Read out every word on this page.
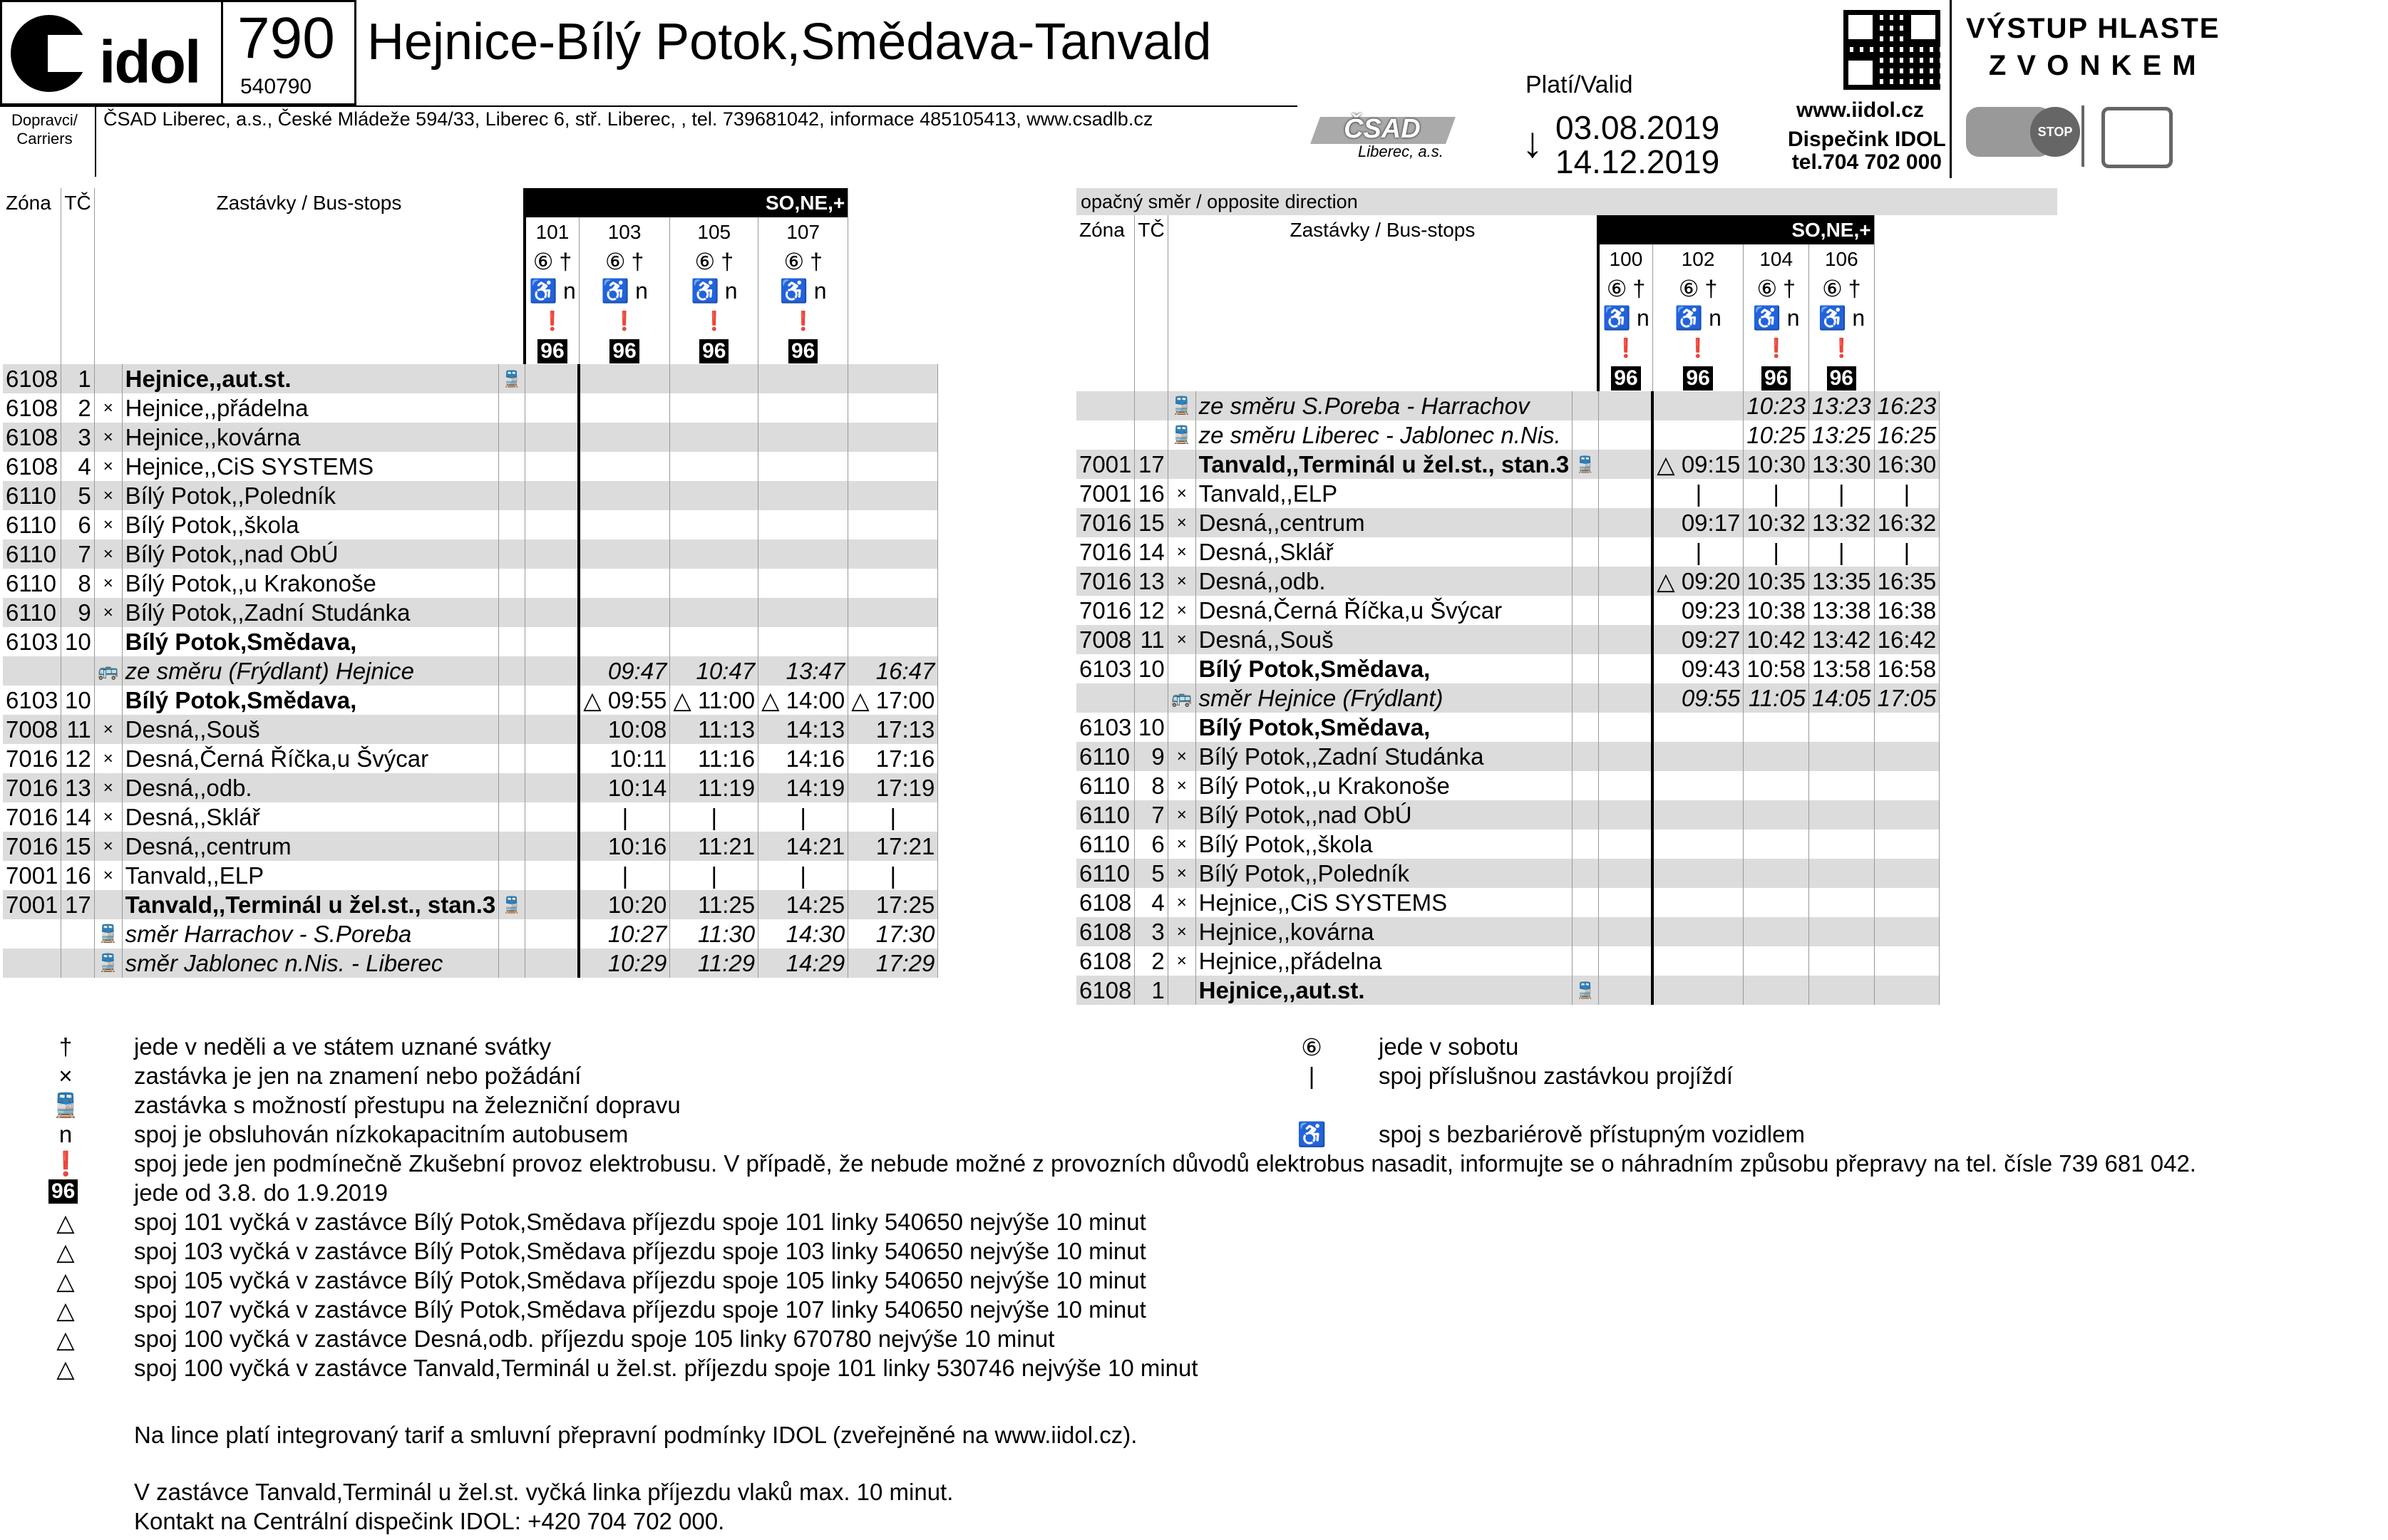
idol 790
540790
Hejnice-Bílý Potok,Smědava-Tanvald
Platí/Valid
↓ 03.08.2019
14.12.2019
Dopravci/
Carriers
ČSAD Liberec, a.s., České Mládeže 594/33, Liberec 6, stř. Liberec, , tel. 739681042, informace 485105413, www.csadlb.cz	ČSAD
Liberec, a.s.
www.iidol.cz
Dispečink IDOL
tel.704 702 000
VÝSTUP HLASTE
Z V O N K E M
STOP
opačný směr / opposite direction
Zóna	TČ	Zastávky / Bus-stops			SO,NE,+				
					101	103	105	107	
					⑥ †	⑥ †	⑥ †	⑥ †	
					♿ n	♿ n	♿ n	♿ n	
					❗	❗	❗	❗	
					96	96	96	96	
6108	1		Hejnice,,aut.st.	🚆					
6108	2	×	Hejnice,,přádelna						
6108	3	×	Hejnice,,kovárna						
6108	4	×	Hejnice,,CiS SYSTEMS						
6110	5	×	Bílý Potok,,Poledník						
6110	6	×	Bílý Potok,,škola						
6110	7	×	Bílý Potok,,nad ObÚ						
6110	8	×	Bílý Potok,,u Krakonoše						
6110	9	×	Bílý Potok,,Zadní Studánka						
6103	10		Bílý Potok,Smědava,						
		🚌	ze směru (Frýdlant) Hejnice			09:47	10:47	13:47	16:47
6103	10		Bílý Potok,Smědava,			△ 09:55	△ 11:00	△ 14:00	△ 17:00
7008	11	×	Desná,,Souš			10:08	11:13	14:13	17:13
7016	12	×	Desná,Černá Říčka,u Švýcar			10:11	11:16	14:16	17:16
7016	13	×	Desná,,odb.			10:14	11:19	14:19	17:19
7016	14	×	Desná,,Sklář			|	|	|	|
7016	15	×	Desná,,centrum			10:16	11:21	14:21	17:21
7001	16	×	Tanvald,,ELP			|	|	|	|
7001	17		Tanvald,,Terminál u žel.st., stan.3	🚆		10:20	11:25	14:25	17:25
		🚆	směr Harrachov - S.Poreba			10:27	11:30	14:30	17:30
		🚆	směr Jablonec n.Nis. - Liberec			10:29	11:29	14:29	17:29
Zóna	TČ	Zastávky / Bus-stops			SO,NE,+				
					100	102	104	106	
					⑥ †	⑥ †	⑥ †	⑥ †	
					♿ n	♿ n	♿ n	♿ n	
					❗	❗	❗	❗	
					96	96	96	96	
		🚆	ze směru S.Poreba - Harrachov				10:23	13:23	16:23
		🚆	ze směru Liberec - Jablonec n.Nis.				10:25	13:25	16:25
7001	17		Tanvald,,Terminál u žel.st., stan.3	🚆		△ 09:15	10:30	13:30	16:30
7001	16	×	Tanvald,,ELP			|	|	|	|
7016	15	×	Desná,,centrum			09:17	10:32	13:32	16:32
7016	14	×	Desná,,Sklář			|	|	|	|
7016	13	×	Desná,,odb.			△ 09:20	10:35	13:35	16:35
7016	12	×	Desná,Černá Říčka,u Švýcar			09:23	10:38	13:38	16:38
7008	11	×	Desná,,Souš			09:27	10:42	13:42	16:42
6103	10		Bílý Potok,Smědava,			09:43	10:58	13:58	16:58
		🚌	směr Hejnice (Frýdlant)			09:55	11:05	14:05	17:05
6103	10		Bílý Potok,Smědava,						
6110	9	×	Bílý Potok,,Zadní Studánka						
6110	8	×	Bílý Potok,,u Krakonoše						
6110	7	×	Bílý Potok,,nad ObÚ						
6110	6	×	Bílý Potok,,škola						
6110	5	×	Bílý Potok,,Poledník						
6108	4	×	Hejnice,,CiS SYSTEMS						
6108	3	×	Hejnice,,kovárna						
6108	2	×	Hejnice,,přádelna						
6108	1		Hejnice,,aut.st.	🚆					
†	jede v neděli a ve státem uznané svátky
×	zastávka je jen na znamení nebo požádání
🚆 zastávka s možností přestupu na železniční dopravu
n	spoj je obsluhován nízkokapacitním autobusem
❗ spoj jede jen podmínečně Zkušební provoz elektrobusu. V případě, že nebude možné z provozních důvodů elektrobus nasadit, informujte se o náhradním způsobu přepravy na tel. čísle 739 681 042.
96	jede od 3.8. do 1.9.2019
△	spoj 101 vyčká v zastávce Bílý Potok,Smědava příjezdu spoje 101 linky 540650 nejvýše 10 minut
△	spoj 103 vyčká v zastávce Bílý Potok,Smědava příjezdu spoje 103 linky 540650 nejvýše 10 minut
△	spoj 105 vyčká v zastávce Bílý Potok,Smědava příjezdu spoje 105 linky 540650 nejvýše 10 minut
△	spoj 107 vyčká v zastávce Bílý Potok,Smědava příjezdu spoje 107 linky 540650 nejvýše 10 minut
△	spoj 100 vyčká v zastávce Desná,odb. příjezdu spoje 105 linky 670780 nejvýše 10 minut
△	spoj 100 vyčká v zastávce Tanvald,Terminál u žel.st. příjezdu spoje 101 linky 530746 nejvýše 10 minut
⑥	jede v sobotu
|	spoj příslušnou zastávkou projíždí
♿ spoj s bezbariérově přístupným vozidlem
Na lince platí integrovaný tarif a smluvní přepravní podmínky IDOL (zveřejněné na www.iidol.cz).
V zastávce Tanvald,Terminál u žel.st. vyčká linka příjezdu vlaků max. 10 minut.
Kontakt na Centrální dispečink IDOL: +420 704 702 000.
